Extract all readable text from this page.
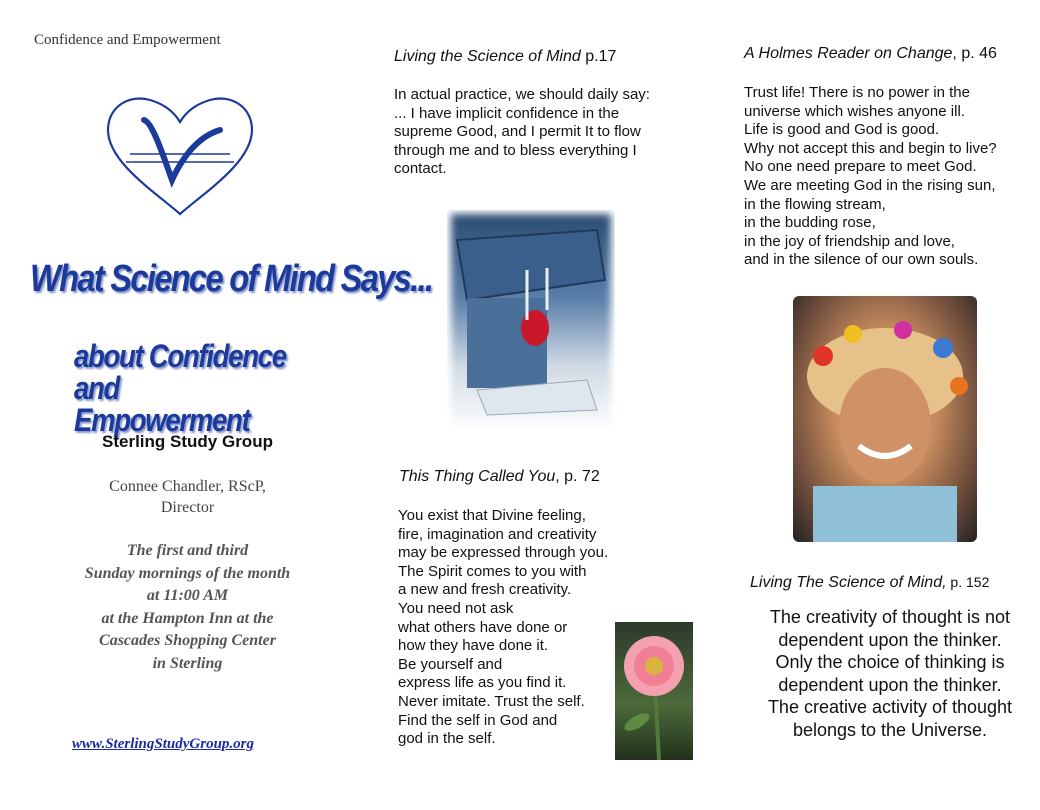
Confidence and Empowerment
What Science of Mind Says...
about Confidence
and Empowerment
Sterling Study Group
Connee Chandler, RScP,
Director
The first and third
Sunday mornings of the month
at 11:00 AM
at the Hampton Inn at the
Cascades Shopping Center
in Sterling
www.SterlingStudyGroup.org
Living the Science of Mind p.17
In actual practice, we should daily say:
... I have implicit confidence in the
supreme Good, and I permit It to flow
through me and to bless everything I
contact.
This Thing Called You, p. 72
You exist that Divine feeling,
fire, imagination and creativity
may be expressed through you.
The Spirit comes to you with
a new and fresh creativity.
You need not ask
what others have done or
how they have done it.
Be yourself and
express life as you find it.
Never imitate. Trust the self.
Find the self in God and
god in the self.
A Holmes Reader on Change, p. 46
Trust life! There is no power in the
universe which wishes anyone ill.
Life is good and God is good.
Why not accept this and begin to live?
No one need prepare to meet God.
We are meeting God in the rising sun,
in the flowing stream,
in the budding rose,
in the joy of friendship and love,
and in the silence of our own souls.
Living The Science of Mind, p. 152
The creativity of thought is not
dependent upon the thinker.
Only the choice of thinking is
dependent upon the thinker.
The creative activity of thought
belongs to the Universe.
